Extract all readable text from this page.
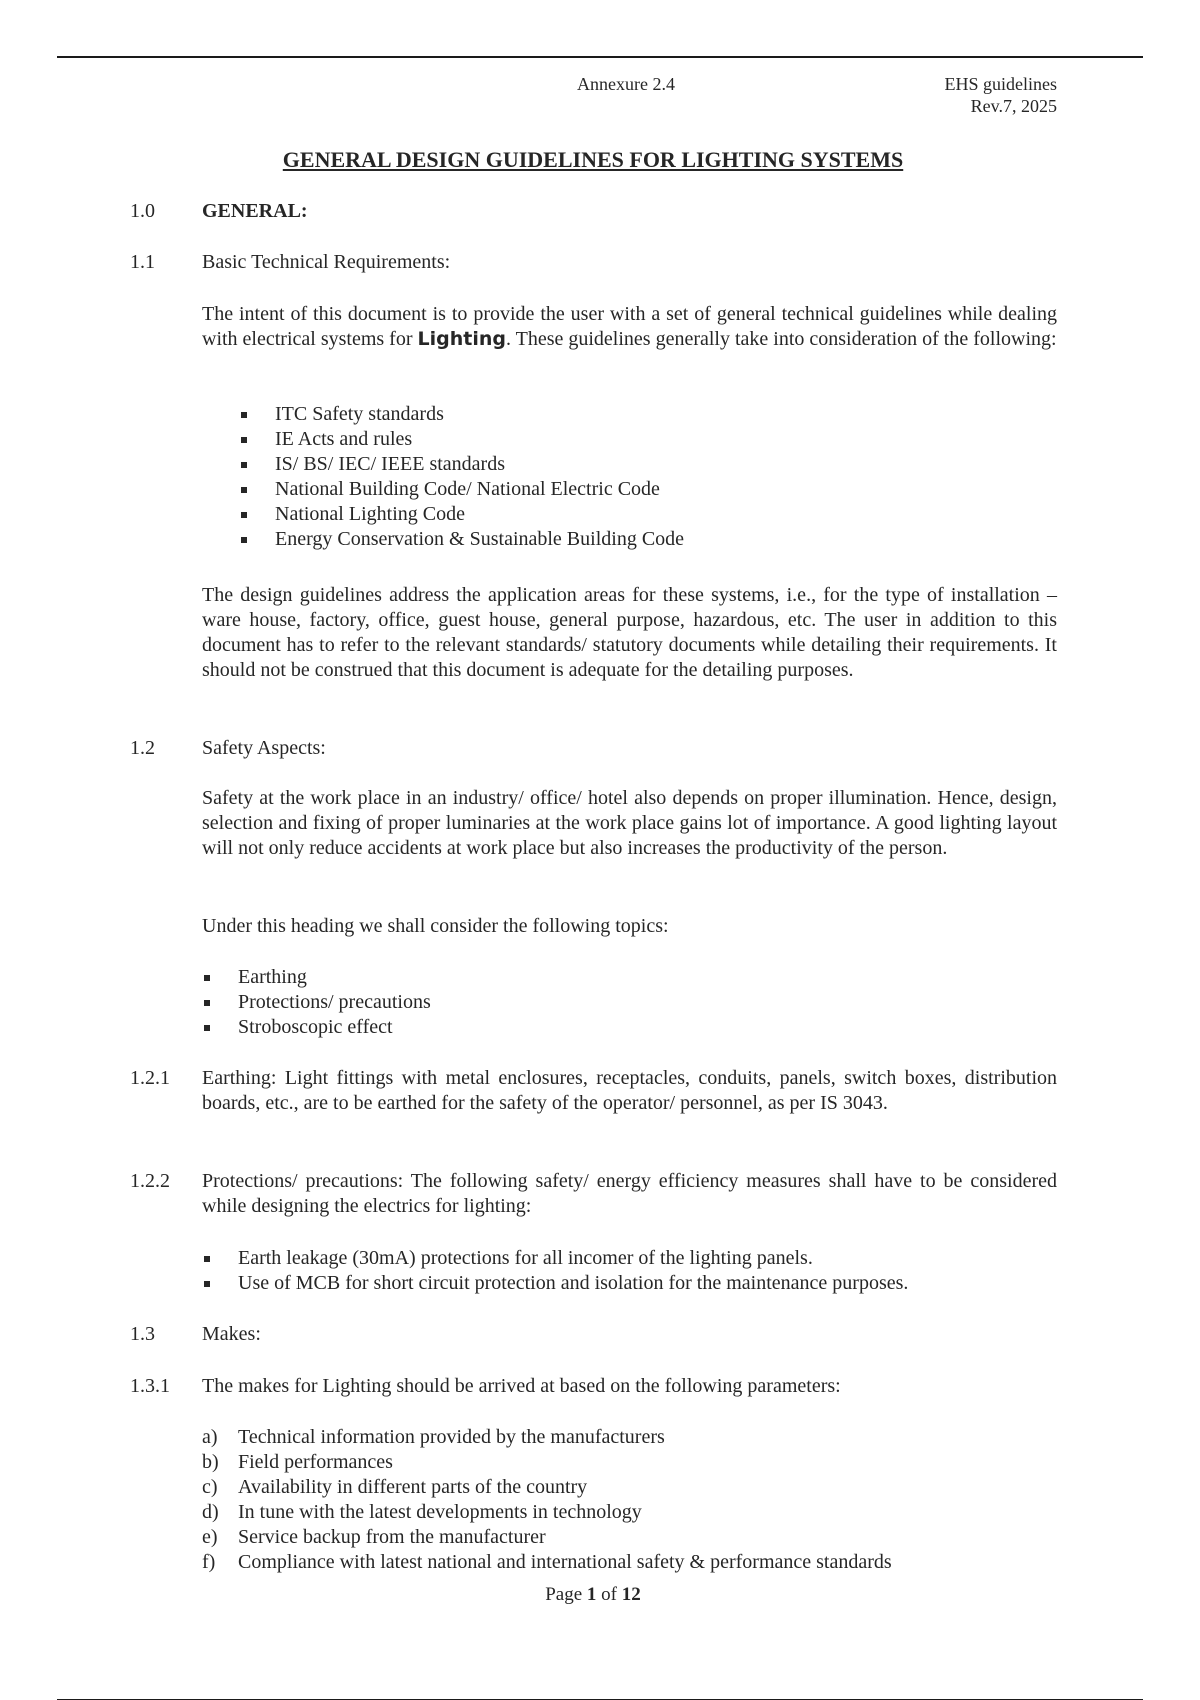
Annexure 2.4	EHS guidelines
Rev.7, 2025
GENERAL DESIGN GUIDELINES FOR LIGHTING SYSTEMS
1.0 GENERAL:
1.1 Basic Technical Requirements:
The intent of this document is to provide the user with a set of general technical guidelines while dealing with electrical systems for Lighting. These guidelines generally take into consideration of the following:
ITC Safety standards
IE Acts and rules
IS/ BS/ IEC/ IEEE standards
National Building Code/ National Electric Code
National Lighting Code
Energy Conservation & Sustainable Building Code
The design guidelines address the application areas for these systems, i.e., for the type of installation – ware house, factory, office, guest house, general purpose, hazardous, etc. The user in addition to this document has to refer to the relevant standards/ statutory documents while detailing their requirements. It should not be construed that this document is adequate for the detailing purposes.
1.2 Safety Aspects:
Safety at the work place in an industry/ office/ hotel also depends on proper illumination. Hence, design, selection and fixing of proper luminaries at the work place gains lot of importance. A good lighting layout will not only reduce accidents at work place but also increases the productivity of the person.
Under this heading we shall consider the following topics:
Earthing
Protections/ precautions
Stroboscopic effect
1.2.1 Earthing: Light fittings with metal enclosures, receptacles, conduits, panels, switch boxes, distribution boards, etc., are to be earthed for the safety of the operator/ personnel, as per IS 3043.
1.2.2 Protections/ precautions: The following safety/ energy efficiency measures shall have to be considered while designing the electrics for lighting:
Earth leakage (30mA) protections for all incomer of the lighting panels.
Use of MCB for short circuit protection and isolation for the maintenance purposes.
1.3 Makes:
1.3.1 The makes for Lighting should be arrived at based on the following parameters:
a) Technical information provided by the manufacturers
b) Field performances
c) Availability in different parts of the country
d) In tune with the latest developments in technology
e) Service backup from the manufacturer
f) Compliance with latest national and international safety & performance standards
Page 1 of 12
